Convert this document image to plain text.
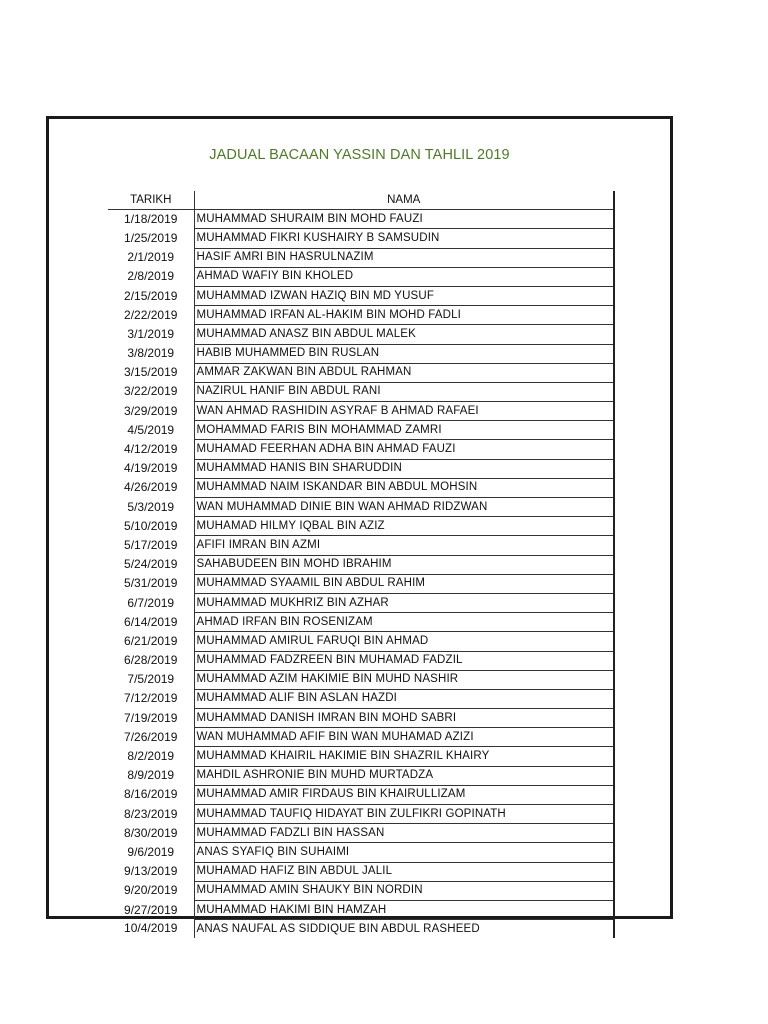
JADUAL BACAAN YASSIN DAN TAHLIL 2019
TARIKH	NAMA
1/18/2019	MUHAMMAD SHURAIM BIN MOHD FAUZI
1/25/2019	MUHAMMAD FIKRI KUSHAIRY B SAMSUDIN
2/1/2019	HASIF AMRI BIN HASRULNAZIM
2/8/2019	AHMAD WAFIY BIN KHOLED
2/15/2019	MUHAMMAD IZWAN HAZIQ BIN MD YUSUF
2/22/2019	MUHAMMAD IRFAN AL-HAKIM BIN MOHD FADLI
3/1/2019	MUHAMMAD ANASZ BIN ABDUL MALEK
3/8/2019	HABIB MUHAMMED BIN RUSLAN
3/15/2019	AMMAR ZAKWAN BIN ABDUL RAHMAN
3/22/2019	NAZIRUL HANIF BIN ABDUL RANI
3/29/2019	WAN AHMAD RASHIDIN ASYRAF B AHMAD RAFAEI
4/5/2019	MOHAMMAD FARIS BIN MOHAMMAD ZAMRI
4/12/2019	MUHAMAD FEERHAN ADHA BIN AHMAD FAUZI
4/19/2019	MUHAMMAD HANIS BIN SHARUDDIN
4/26/2019	MUHAMMAD NAIM ISKANDAR BIN ABDUL MOHSIN
5/3/2019	WAN MUHAMMAD DINIE BIN WAN AHMAD RIDZWAN
5/10/2019	MUHAMAD HILMY IQBAL BIN AZIZ
5/17/2019	AFIFI IMRAN BIN AZMI
5/24/2019	SAHABUDEEN BIN MOHD IBRAHIM
5/31/2019	MUHAMMAD SYAAMIL BIN ABDUL RAHIM
6/7/2019	MUHAMMAD MUKHRIZ BIN AZHAR
6/14/2019	AHMAD IRFAN BIN ROSENIZAM
6/21/2019	MUHAMMAD AMIRUL FARUQI BIN AHMAD
6/28/2019	MUHAMMAD FADZREEN BIN MUHAMAD FADZIL
7/5/2019	MUHAMMAD AZIM HAKIMIE BIN MUHD NASHIR
7/12/2019	MUHAMMAD ALIF BIN ASLAN HAZDI
7/19/2019	MUHAMMAD DANISH IMRAN BIN MOHD SABRI
7/26/2019	WAN MUHAMMAD AFIF BIN WAN MUHAMAD AZIZI
8/2/2019	MUHAMMAD KHAIRIL HAKIMIE BIN SHAZRIL KHAIRY
8/9/2019	MAHDIL ASHRONIE BIN MUHD MURTADZA
8/16/2019	MUHAMMAD AMIR FIRDAUS BIN KHAIRULLIZAM
8/23/2019	MUHAMMAD TAUFIQ HIDAYAT BIN ZULFIKRI GOPINATH
8/30/2019	MUHAMMAD FADZLI BIN HASSAN
9/6/2019	ANAS SYAFIQ BIN SUHAIMI
9/13/2019	MUHAMAD HAFIZ BIN ABDUL JALIL
9/20/2019	MUHAMMAD AMIN SHAUKY BIN NORDIN
9/27/2019	MUHAMMAD HAKIMI BIN HAMZAH
10/4/2019	ANAS NAUFAL AS SIDDIQUE BIN ABDUL RASHEED
